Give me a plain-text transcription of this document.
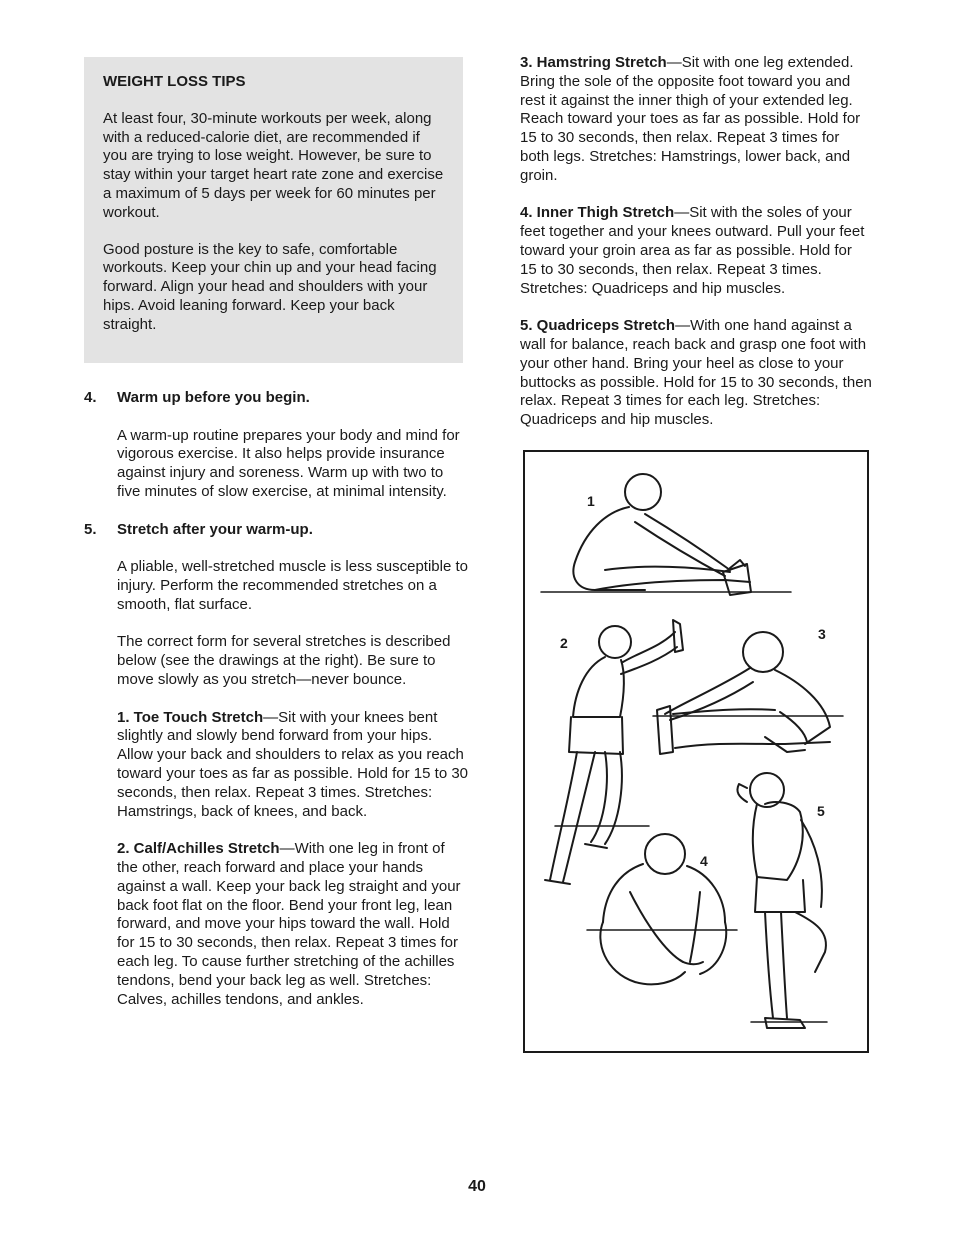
WEIGHT LOSS TIPS

At least four, 30-minute workouts per week, along with a reduced-calorie diet, are recommended if you are trying to lose weight. However, be sure to stay within your target heart rate zone and exercise a maximum of 5 days per week for 60 minutes per workout.

Good posture is the key to safe, comfortable workouts. Keep your chin up and your head facing forward. Align your head and shoulders with your hips. Avoid leaning forward. Keep your back straight.

4. Warm up before you begin.

A warm-up routine prepares your body and mind for vigorous exercise. It also helps provide insurance against injury and soreness. Warm up with two to five minutes of slow exercise, at minimal intensity.

5. Stretch after your warm-up.

A pliable, well-stretched muscle is less susceptible to injury. Perform the recommended stretches on a smooth, flat surface.

The correct form for several stretches is described below (see the drawings at the right). Be sure to move slowly as you stretch—never bounce.

1. Toe Touch Stretch—Sit with your knees bent slightly and slowly bend forward from your hips. Allow your back and shoulders to relax as you reach toward your toes as far as possible. Hold for 15 to 30 seconds, then relax. Repeat 3 times. Stretches: Hamstrings, back of knees, and back.

2. Calf/Achilles Stretch—With one leg in front of the other, reach forward and place your hands against a wall. Keep your back leg straight and your back foot flat on the floor. Bend your front leg, lean forward, and move your hips toward the wall. Hold for 15 to 30 seconds, then relax. Repeat 3 times for each leg. To cause further stretching of the achilles tendons, bend your back leg as well. Stretches: Calves, achilles tendons, and ankles.

3. Hamstring Stretch—Sit with one leg extended. Bring the sole of the opposite foot toward you and rest it against the inner thigh of your extended leg. Reach toward your toes as far as possible. Hold for 15 to 30 seconds, then relax. Repeat 3 times for both legs. Stretches: Hamstrings, lower back, and groin.

4. Inner Thigh Stretch—Sit with the soles of your feet together and your knees outward. Pull your feet toward your groin area as far as possible. Hold for 15 to 30 seconds, then relax. Repeat 3 times. Stretches: Quadriceps and hip muscles.

5. Quadriceps Stretch—With one hand against a wall for balance, reach back and grasp one foot with your other hand. Bring your heel as close to your buttocks as possible. Hold for 15 to 30 seconds, then relax. Repeat 3 times for each leg. Stretches: Quadriceps and hip muscles.

1
2
3
4
5
40
